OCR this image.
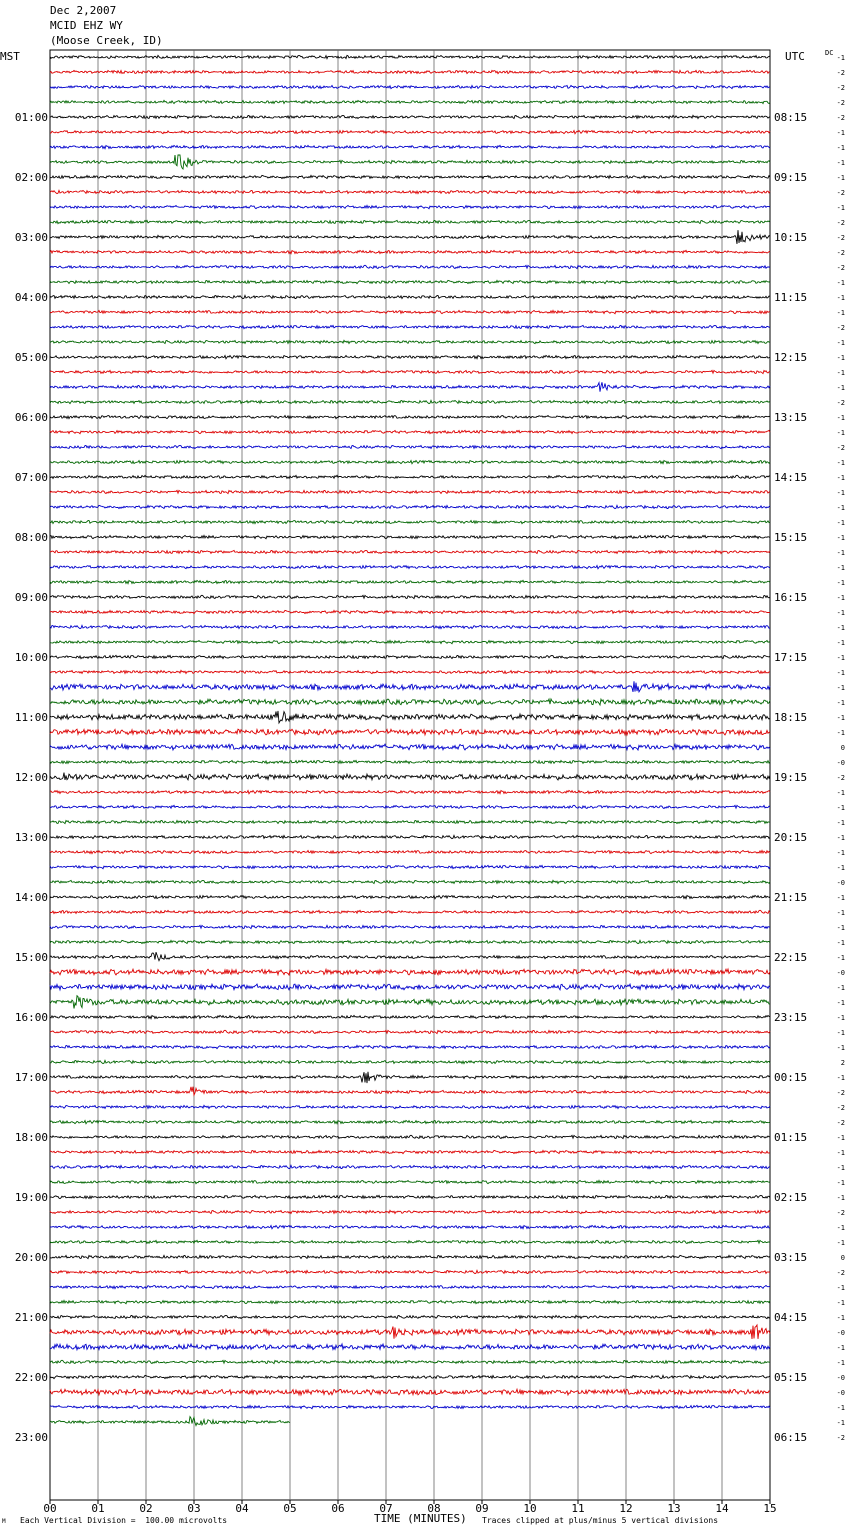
Dec 2,2007
MCID EHZ WY
(Moose Creek, ID)
MST	UTC	DC
01:00
02:00
03:00
04:00
05:00
06:00
07:00
08:00
09:00
10:00
11:00
12:00
13:00
14:00
15:00
16:00
17:00
18:00
19:00
20:00
21:00
22:00
23:00
08:15
09:15
10:15
11:15
12:15
13:15
14:15
15:15
16:15
17:15
18:15
19:15
20:15
21:15
22:15
23:15
00:15
01:15
02:15
03:15
04:15
05:15
06:15
-1
-2
-2
-2
-2
-1
-1
-1
-1
-2
-1
-2
-2
-2
-2
-1
-1
-1
-2
-1
-1
-1
-1
-2
-1
-1
-2
-1
-1
-1
-1
-1
-1
-1
-1
-1
-1
-1
-1
-1
-1
-1
-1
-1
-1
-1
0
-0
-2
-1
-1
-1
-1
-1
-1
-0
-1
-1
-1
-1
-1
-0
-1
-1
-1
-1
-1
2
-1
-2
-2
-2
-1
-1
-1
-1
-1
-2
-1
-1
0
-2
-1
-1
-1
-0
-1
-1
-0
-0
-1
-1
-2
00	01	02	03	04	05	06	07	08	09	10	11	12	13	14	15
TIME (MINUTES)
Each Vertical Division =  100.00 microvolts	Traces clipped at plus/minus 5 vertical divisions
M
